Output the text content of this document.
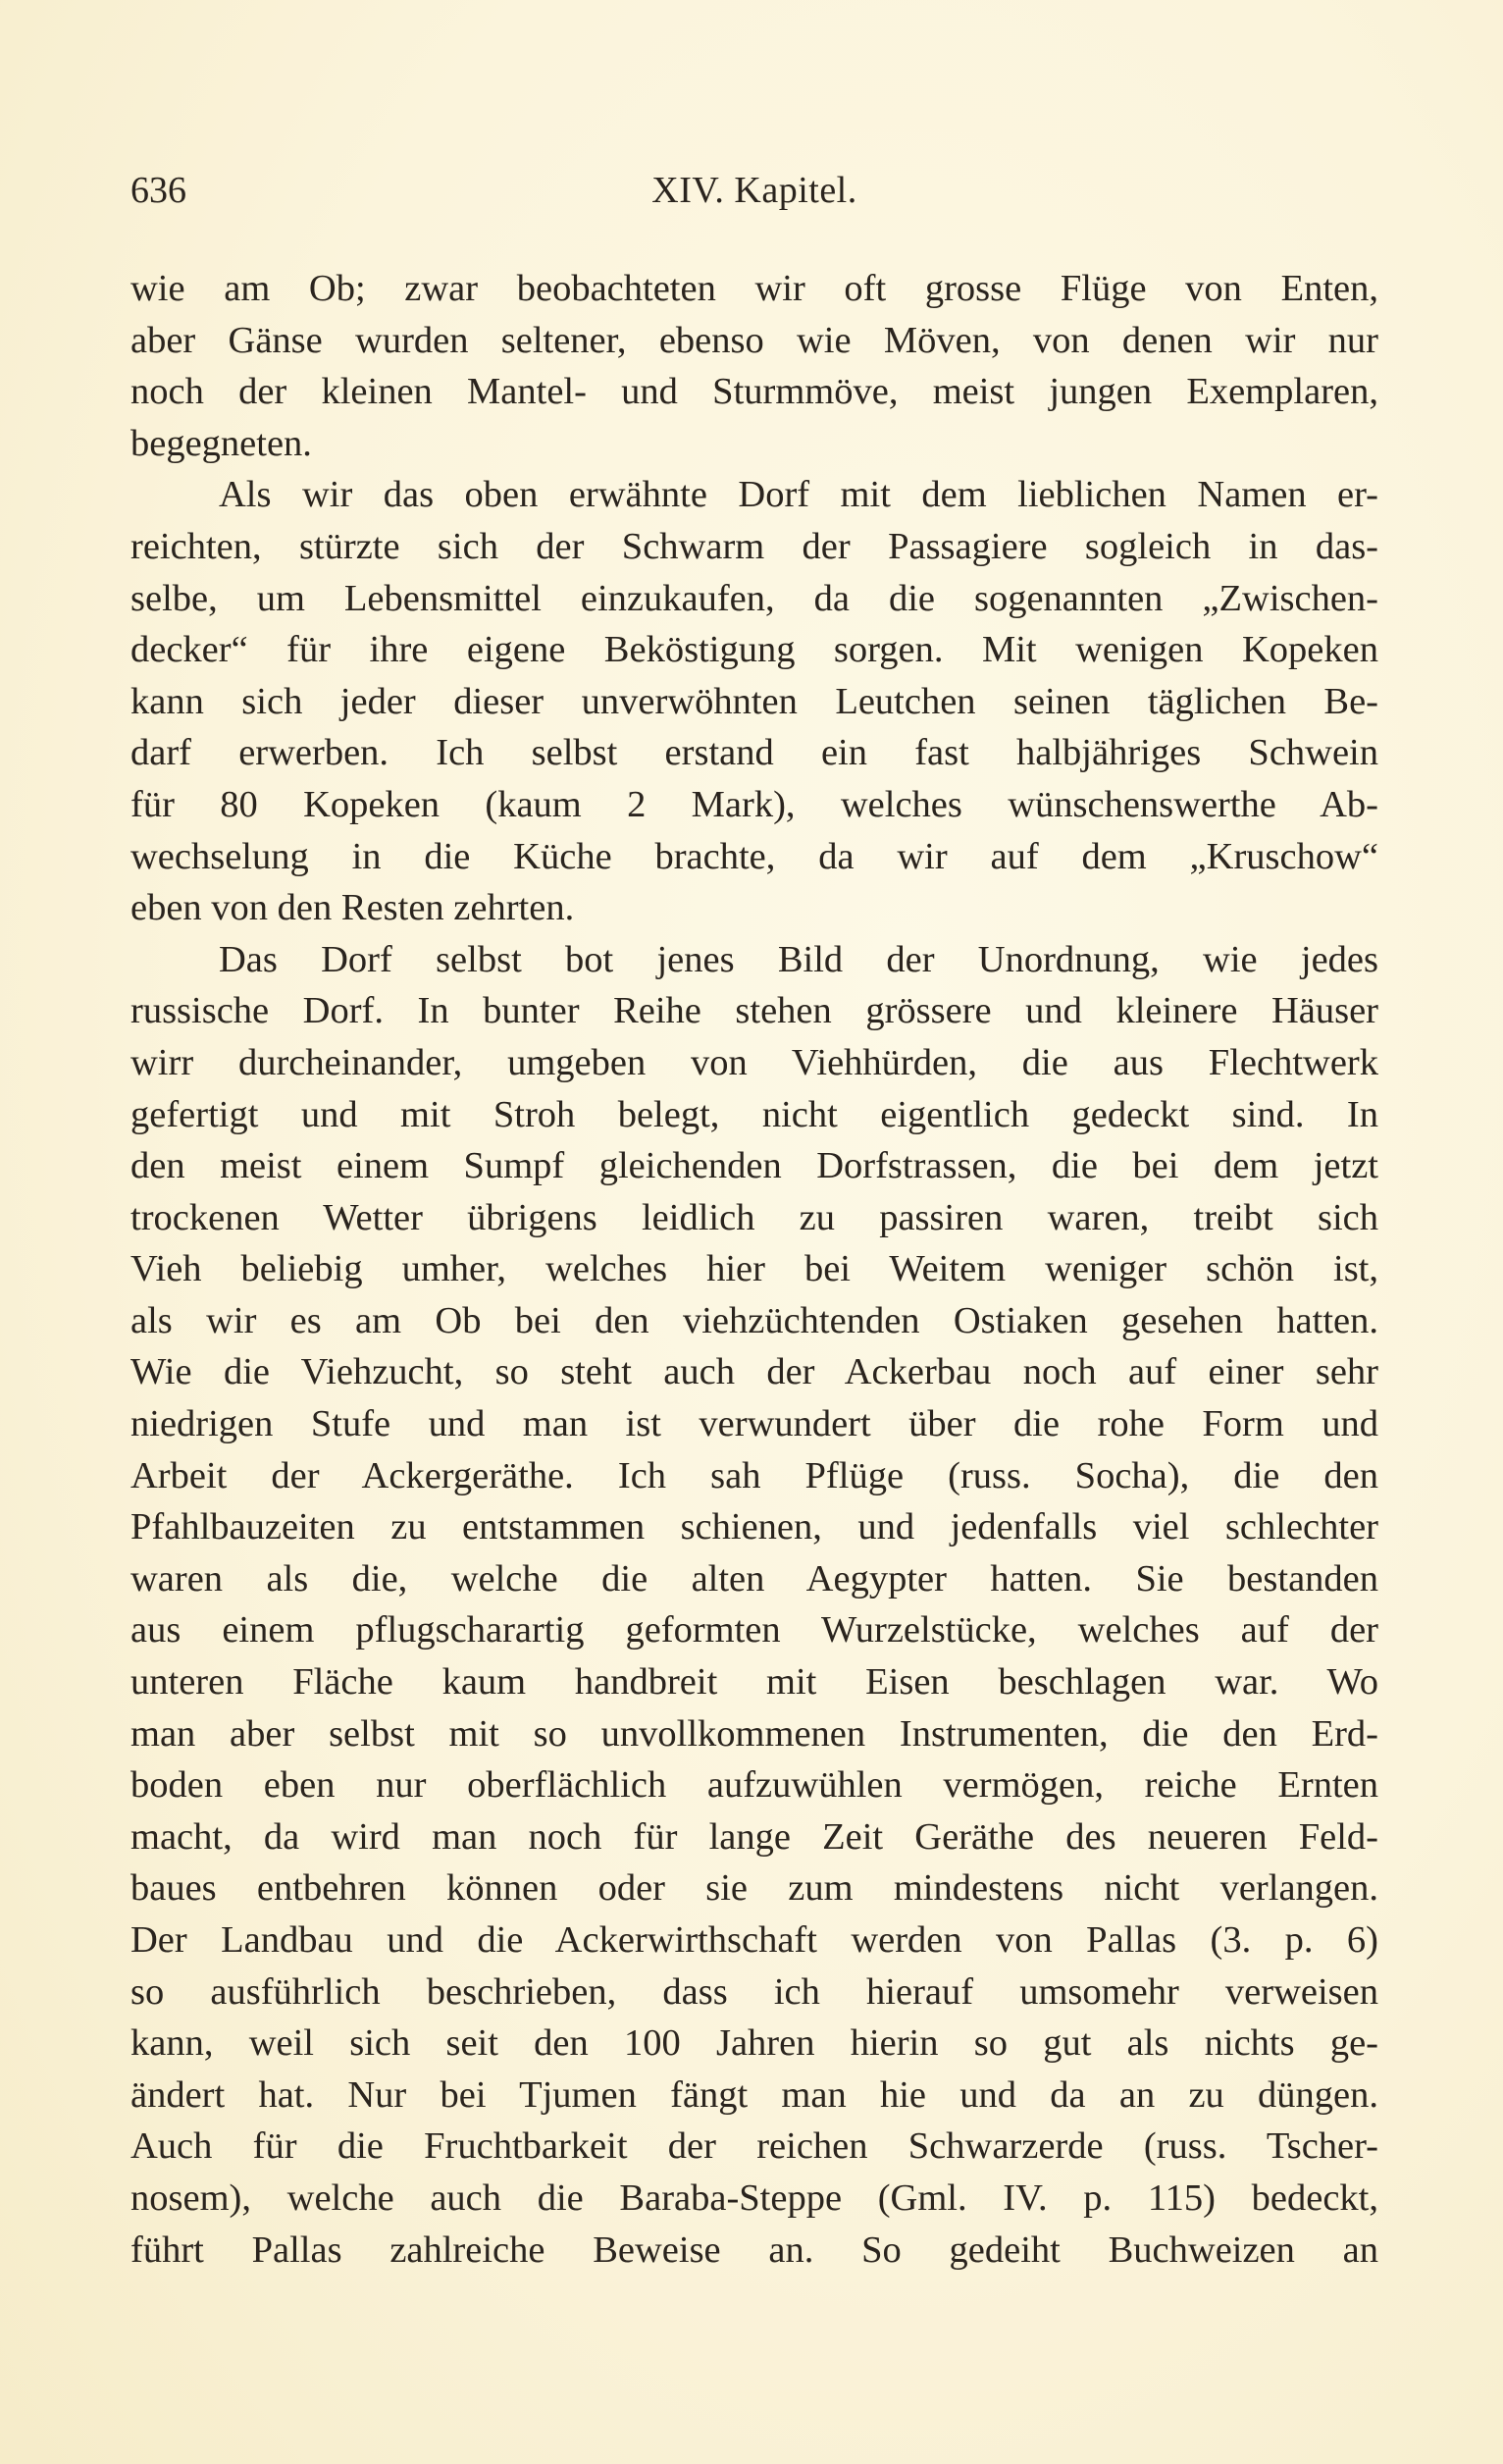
636	XIV. Kapitel.
wie am Ob; zwar beobachteten wir oft grosse Flüge von Enten,
aber Gänse wurden seltener, ebenso wie Möven, von denen wir nur
noch der kleinen Mantel- und Sturmmöve, meist jungen Exemplaren,
begegneten.
Als wir das oben erwähnte Dorf mit dem lieblichen Namen er-
reichten, stürzte sich der Schwarm der Passagiere sogleich in das-
selbe, um Lebensmittel einzukaufen, da die sogenannten „Zwischen-
decker“ für ihre eigene Beköstigung sorgen. Mit wenigen Kopeken
kann sich jeder dieser unverwöhnten Leutchen seinen täglichen Be-
darf erwerben. Ich selbst erstand ein fast halbjähriges Schwein
für 80 Kopeken (kaum 2 Mark), welches wünschenswerthe Ab-
wechselung in die Küche brachte, da wir auf dem „Kruschow“
eben von den Resten zehrten.
Das Dorf selbst bot jenes Bild der Unordnung, wie jedes
russische Dorf. In bunter Reihe stehen grössere und kleinere Häuser
wirr durcheinander, umgeben von Viehhürden, die aus Flechtwerk
gefertigt und mit Stroh belegt, nicht eigentlich gedeckt sind. In
den meist einem Sumpf gleichenden Dorfstrassen, die bei dem jetzt
trockenen Wetter übrigens leidlich zu passiren waren, treibt sich
Vieh beliebig umher, welches hier bei Weitem weniger schön ist,
als wir es am Ob bei den viehzüchtenden Ostiaken gesehen hatten.
Wie die Viehzucht, so steht auch der Ackerbau noch auf einer sehr
niedrigen Stufe und man ist verwundert über die rohe Form und
Arbeit der Ackergeräthe. Ich sah Pflüge (russ. Socha), die den
Pfahlbauzeiten zu entstammen schienen, und jedenfalls viel schlechter
waren als die, welche die alten Aegypter hatten. Sie bestanden
aus einem pflugscharartig geformten Wurzelstücke, welches auf der
unteren Fläche kaum handbreit mit Eisen beschlagen war. Wo
man aber selbst mit so unvollkommenen Instrumenten, die den Erd-
boden eben nur oberflächlich aufzuwühlen vermögen, reiche Ernten
macht, da wird man noch für lange Zeit Geräthe des neueren Feld-
baues entbehren können oder sie zum mindestens nicht verlangen.
Der Landbau und die Ackerwirthschaft werden von Pallas (3. p. 6)
so ausführlich beschrieben, dass ich hierauf umsomehr verweisen
kann, weil sich seit den 100 Jahren hierin so gut als nichts ge-
ändert hat. Nur bei Tjumen fängt man hie und da an zu düngen.
Auch für die Fruchtbarkeit der reichen Schwarzerde (russ. Tscher-
nosem), welche auch die Baraba-Steppe (Gml. IV. p. 115) bedeckt,
führt Pallas zahlreiche Beweise an. So gedeiht Buchweizen an
